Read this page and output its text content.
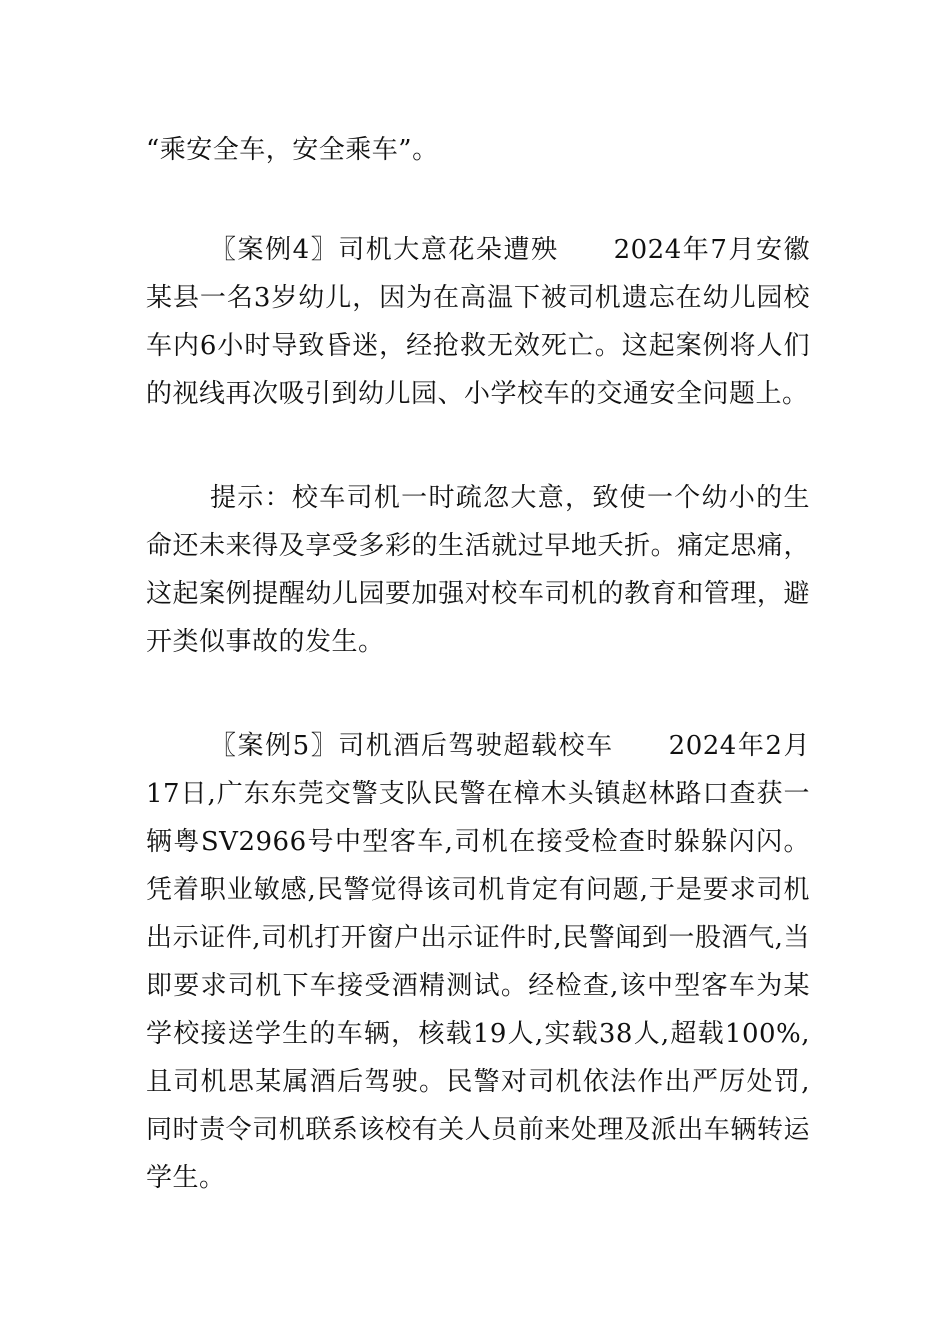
“乘安全车，安全乘车”。

〖案例4〗司机大意花朵遭殃　　2024年7月安徽某县一名3岁幼儿，因为在高温下被司机遗忘在幼儿园校车内6小时导致昏迷，经抢救无效死亡。这起案例将人们的视线再次吸引到幼儿园、小学校车的交通安全问题上。

提示：校车司机一时疏忽大意，致使一个幼小的生命还未来得及享受多彩的生活就过早地夭折。痛定思痛，这起案例提醒幼儿园要加强对校车司机的教育和管理，避开类似事故的发生。

〖案例5〗司机酒后驾驶超载校车　　2024年2月17日,广东东莞交警支队民警在樟木头镇赵林路口查获一辆粤SV2966号中型客车,司机在接受检查时躲躲闪闪。凭着职业敏感,民警觉得该司机肯定有问题,于是要求司机出示证件,司机打开窗户出示证件时,民警闻到一股酒气,当即要求司机下车接受酒精测试。经检查,该中型客车为某学校接送学生的车辆，核载19人,实载38人,超载100%,且司机思某属酒后驾驶。民警对司机依法作出严厉处罚,同时责令司机联系该校有关人员前来处理及派出车辆转运学生。
